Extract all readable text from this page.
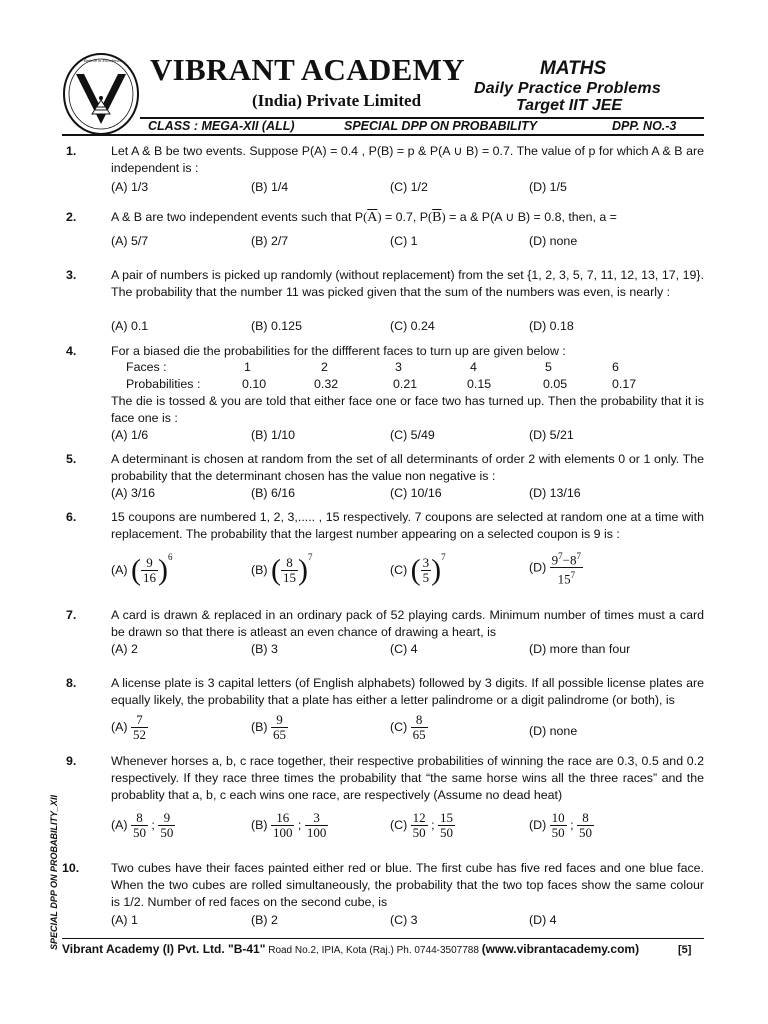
Believe in Excellence VIBRANT ACADEMY
(India) Private Limited
MATHS
Daily Practice Problems
Target IIT JEE
CLASS : MEGA-XII (ALL)	SPECIAL DPP ON PROBABILITY	DPP. NO.-3
1.	Let A & B be two events. Suppose P(A) = 0.4 , P(B) = p & P(A ∪ B) = 0.7. The value of p for which A & B are independent is :
(A) 1/3	(B) 1/4	(C) 1/2	(D) 1/5
2.	A & B are two independent events such that $P(\overline{A}) = 0.7$, $P(\overline{B}) = a$ & P(A ∪ B) = 0.8, then, a =
(A) 5/7	(B) 2/7	(C) 1	(D) none
3.	A pair of numbers is picked up randomly (without replacement) from the set {1, 2, 3, 5, 7, 11, 12, 13, 17, 19}. The probability that the number 11 was picked given that the sum of the numbers was even, is nearly :
(A) 0.1	(B) 0.125	(C) 0.24	(D) 0.18
4.	For a biased die the probabilities for the diffferent faces to turn up are given below :
Faces :	1	2	3	4	5	6
Probabilities :	0.10	0.32	0.21	0.15	0.05	0.17
The die is tossed & you are told that either face one or face two has turned up. Then the probability that it is face one is :
(A) 1/6	(B) 1/10	(C) 5/49	(D) 5/21
5.	A determinant is chosen at random from the set of all determinants of order 2 with elements 0 or 1 only. The probability that the determinant chosen has the value non negative is :
(A) 3/16	(B) 6/16	(C) 10/16	(D) 13/16
6.	15 coupons are numbered 1, 2, 3,..... , 15 respectively. 7 coupons are selected at random one at a time with replacement. The probability that the largest number appearing on a selected coupon is 9 is :
(A) ( $\frac{9}{16} )^6$
(B) ( $\frac{8}{15} )^7$
(C) ( $\frac{3}{5} )^7$
$(D) \frac{9^7-8^7}{15^7}$
7.	A card is drawn & replaced in an ordinary pack of 52 playing cards. Minimum number of times must a card be drawn so that there is atleast an even chance of drawing a heart, is
(A) 2	(B) 3	(C) 4	(D) more than four
8.	A license plate is 3 capital letters (of English alphabets) followed by 3 digits. If all possible license plates are equally likely, the probability that a plate has either a letter palindrome or a digit palindrome (or both), is
$(A) \frac{7}{52}$	$(B) \frac{9}{65}$	$(C) \frac{8}{65}$	(D) none
9.	Whenever horses a, b, c race together, their respective probabilities of winning the race are 0.3, 0.5 and 0.2 respectively. If they race three times the probability that “the same horse wins all the three races” and the probablity that a, b, c each wins one race, are respectively (Assume no dead heat)
$(A) \frac{8}{50}$ ; $\frac{9}{50}$	$(B) \frac{16}{100}$ ; $\frac{3}{100}$	$(C) \frac{12}{50}$ ; $\frac{15}{50}$	$(D) \frac{10}{50}$ ; $\frac{8}{50}$
10.	Two cubes have their faces painted either red or blue. The first cube has five red faces and one blue face. When the two cubes are rolled simultaneously, the probability that the two top faces show the same colour is 1/2. Number of red faces on the second cube, is
(A) 1	(B) 2	(C) 3	(D) 4
SPECIAL DPP ON PROBABILITY_XII Vibrant Academy (I) Pvt. Ltd. "B-41" Road No.2, IPIA, Kota (Raj.) Ph. 0744-3507788 (www.vibrantacademy.com)	[5]
